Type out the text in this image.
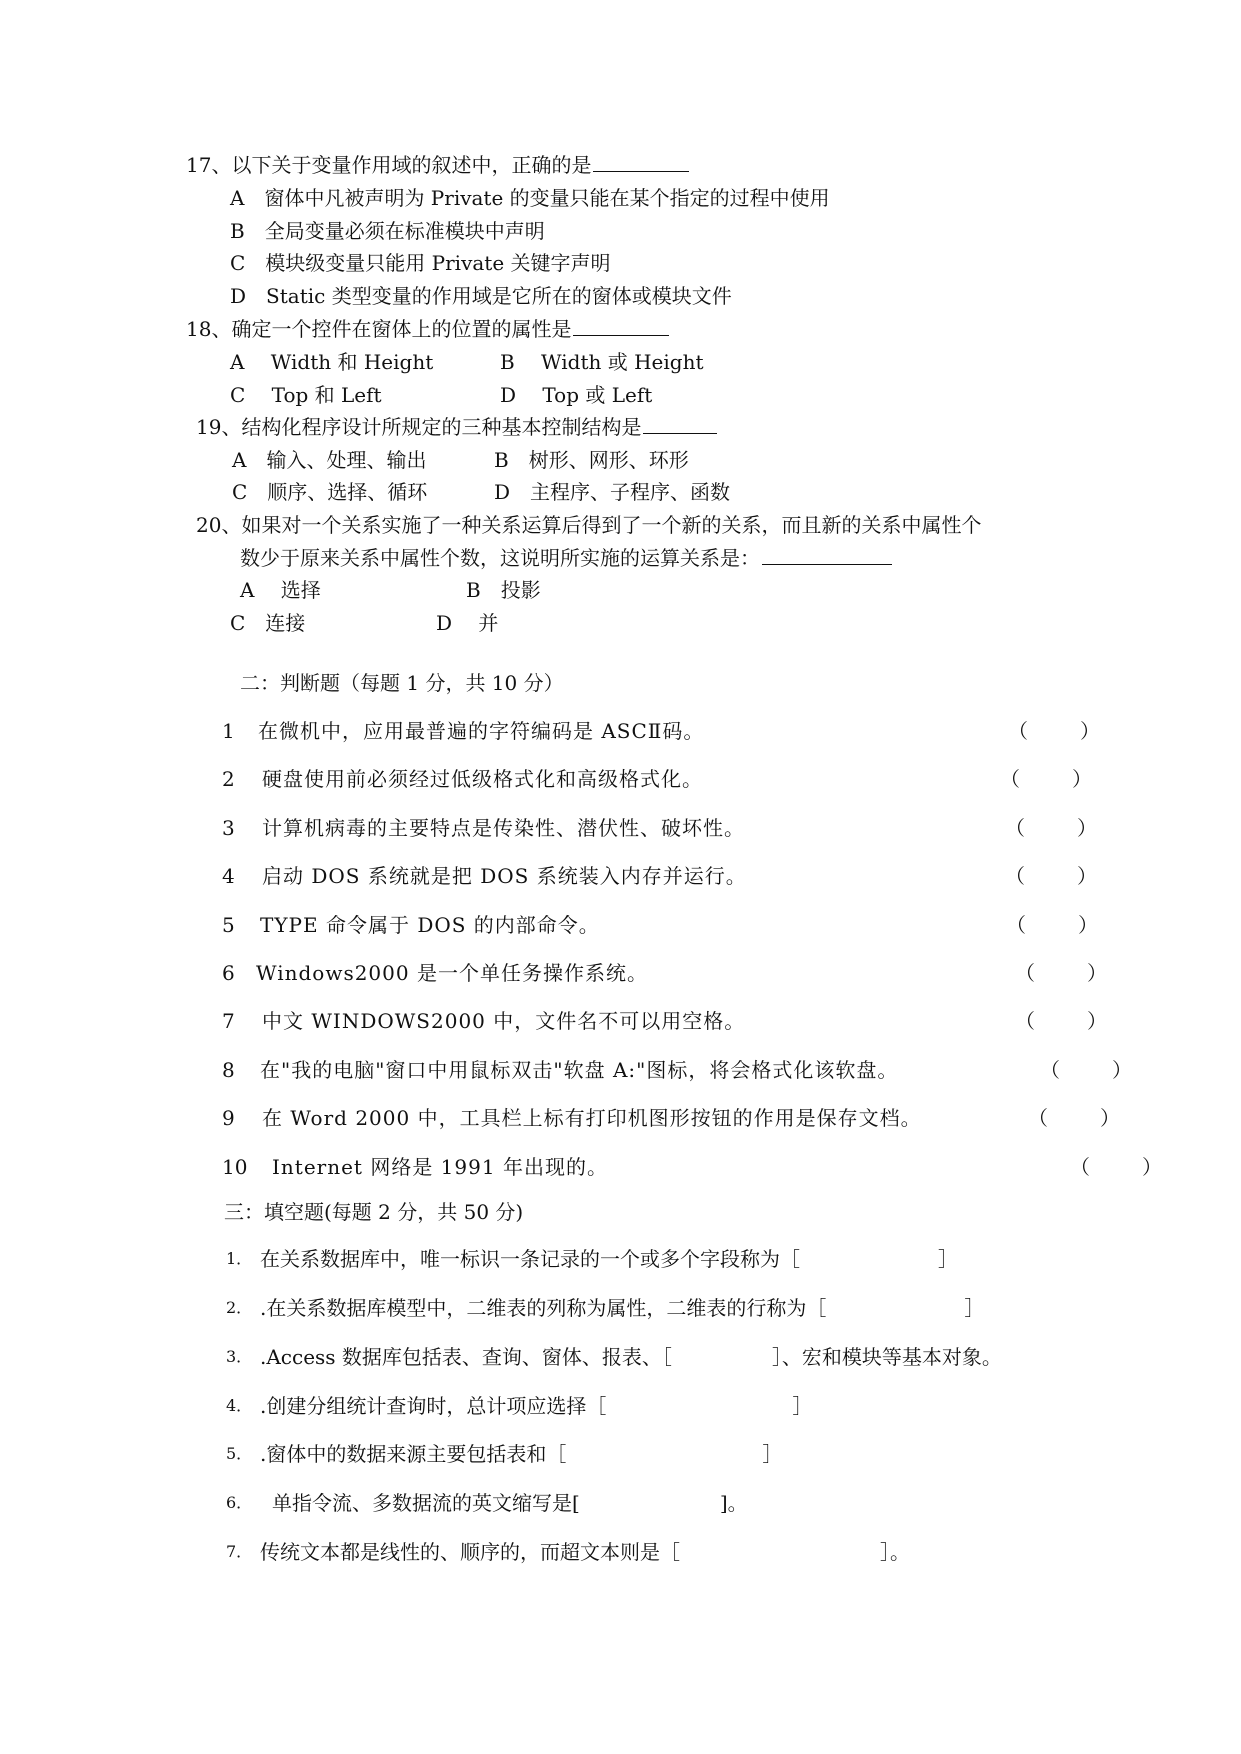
17、以下关于变量作用域的叙述中，正确的是
A　窗体中凡被声明为 Private 的变量只能在某个指定的过程中使用
B　全局变量必须在标准模块中声明
C　模块级变量只能用 Private 关键字声明
D　Static 类型变量的作用域是它所在的窗体或模块文件
18、确定一个控件在窗体上的位置的属性是
A　 Width 和 Height	B　 Width 或 Height
C　 Top 和 Left	D　 Top 或 Left
19、结构化程序设计所规定的三种基本控制结构是
A　输入、处理、输出	B　树形、网形、环形
C　顺序、选择、循环	D　主程序、子程序、函数
20、如果对一个关系实施了一种关系运算后得到了一个新的关系，而且新的关系中属性个
数少于原来关系中属性个数，这说明所实施的运算关系是：
A　 选择	B　投影
C　连接	D　 并
二：判断题（每题 1 分，共 10 分）
1 在微机中，应用最普遍的字符编码是 ASCⅡ码。	（	）
2 硬盘使用前必须经过低级格式化和高级格式化。	（	）
3 计算机病毒的主要特点是传染性、潜伏性、破坏性。	（	）
4 启动 DOS 系统就是把 DOS 系统装入内存并运行。	（	）
5 TYPE 命令属于 DOS 的内部命令。	（	）
6 Windows2000 是一个单任务操作系统。	（	）
7 中文 WINDOWS2000 中，文件名不可以用空格。	（	）
8 在"我的电脑"窗口中用鼠标双击"软盘 A:"图标，将会格式化该软盘。	（	）
9 在 Word 2000 中，工具栏上标有打印机图形按钮的作用是保存文档。	（	）
10 Internet 网络是 1991 年出现的。	（	）
三：填空题(每题 2 分，共 50 分)
1． 在关系数据库中，唯一标识一条记录的一个或多个字段称为［	］
2． .在关系数据库模型中，二维表的列称为属性，二维表的行称为［	］
3． .Access 数据库包括表、查询、窗体、报表、［	］、宏和模块等基本对象。
4． .创建分组统计查询时，总计项应选择［	］
5． .窗体中的数据来源主要包括表和［	］
6． 单指令流、多数据流的英文缩写是[	]。
7． 传统文本都是线性的、顺序的，而超文本则是［	］。
